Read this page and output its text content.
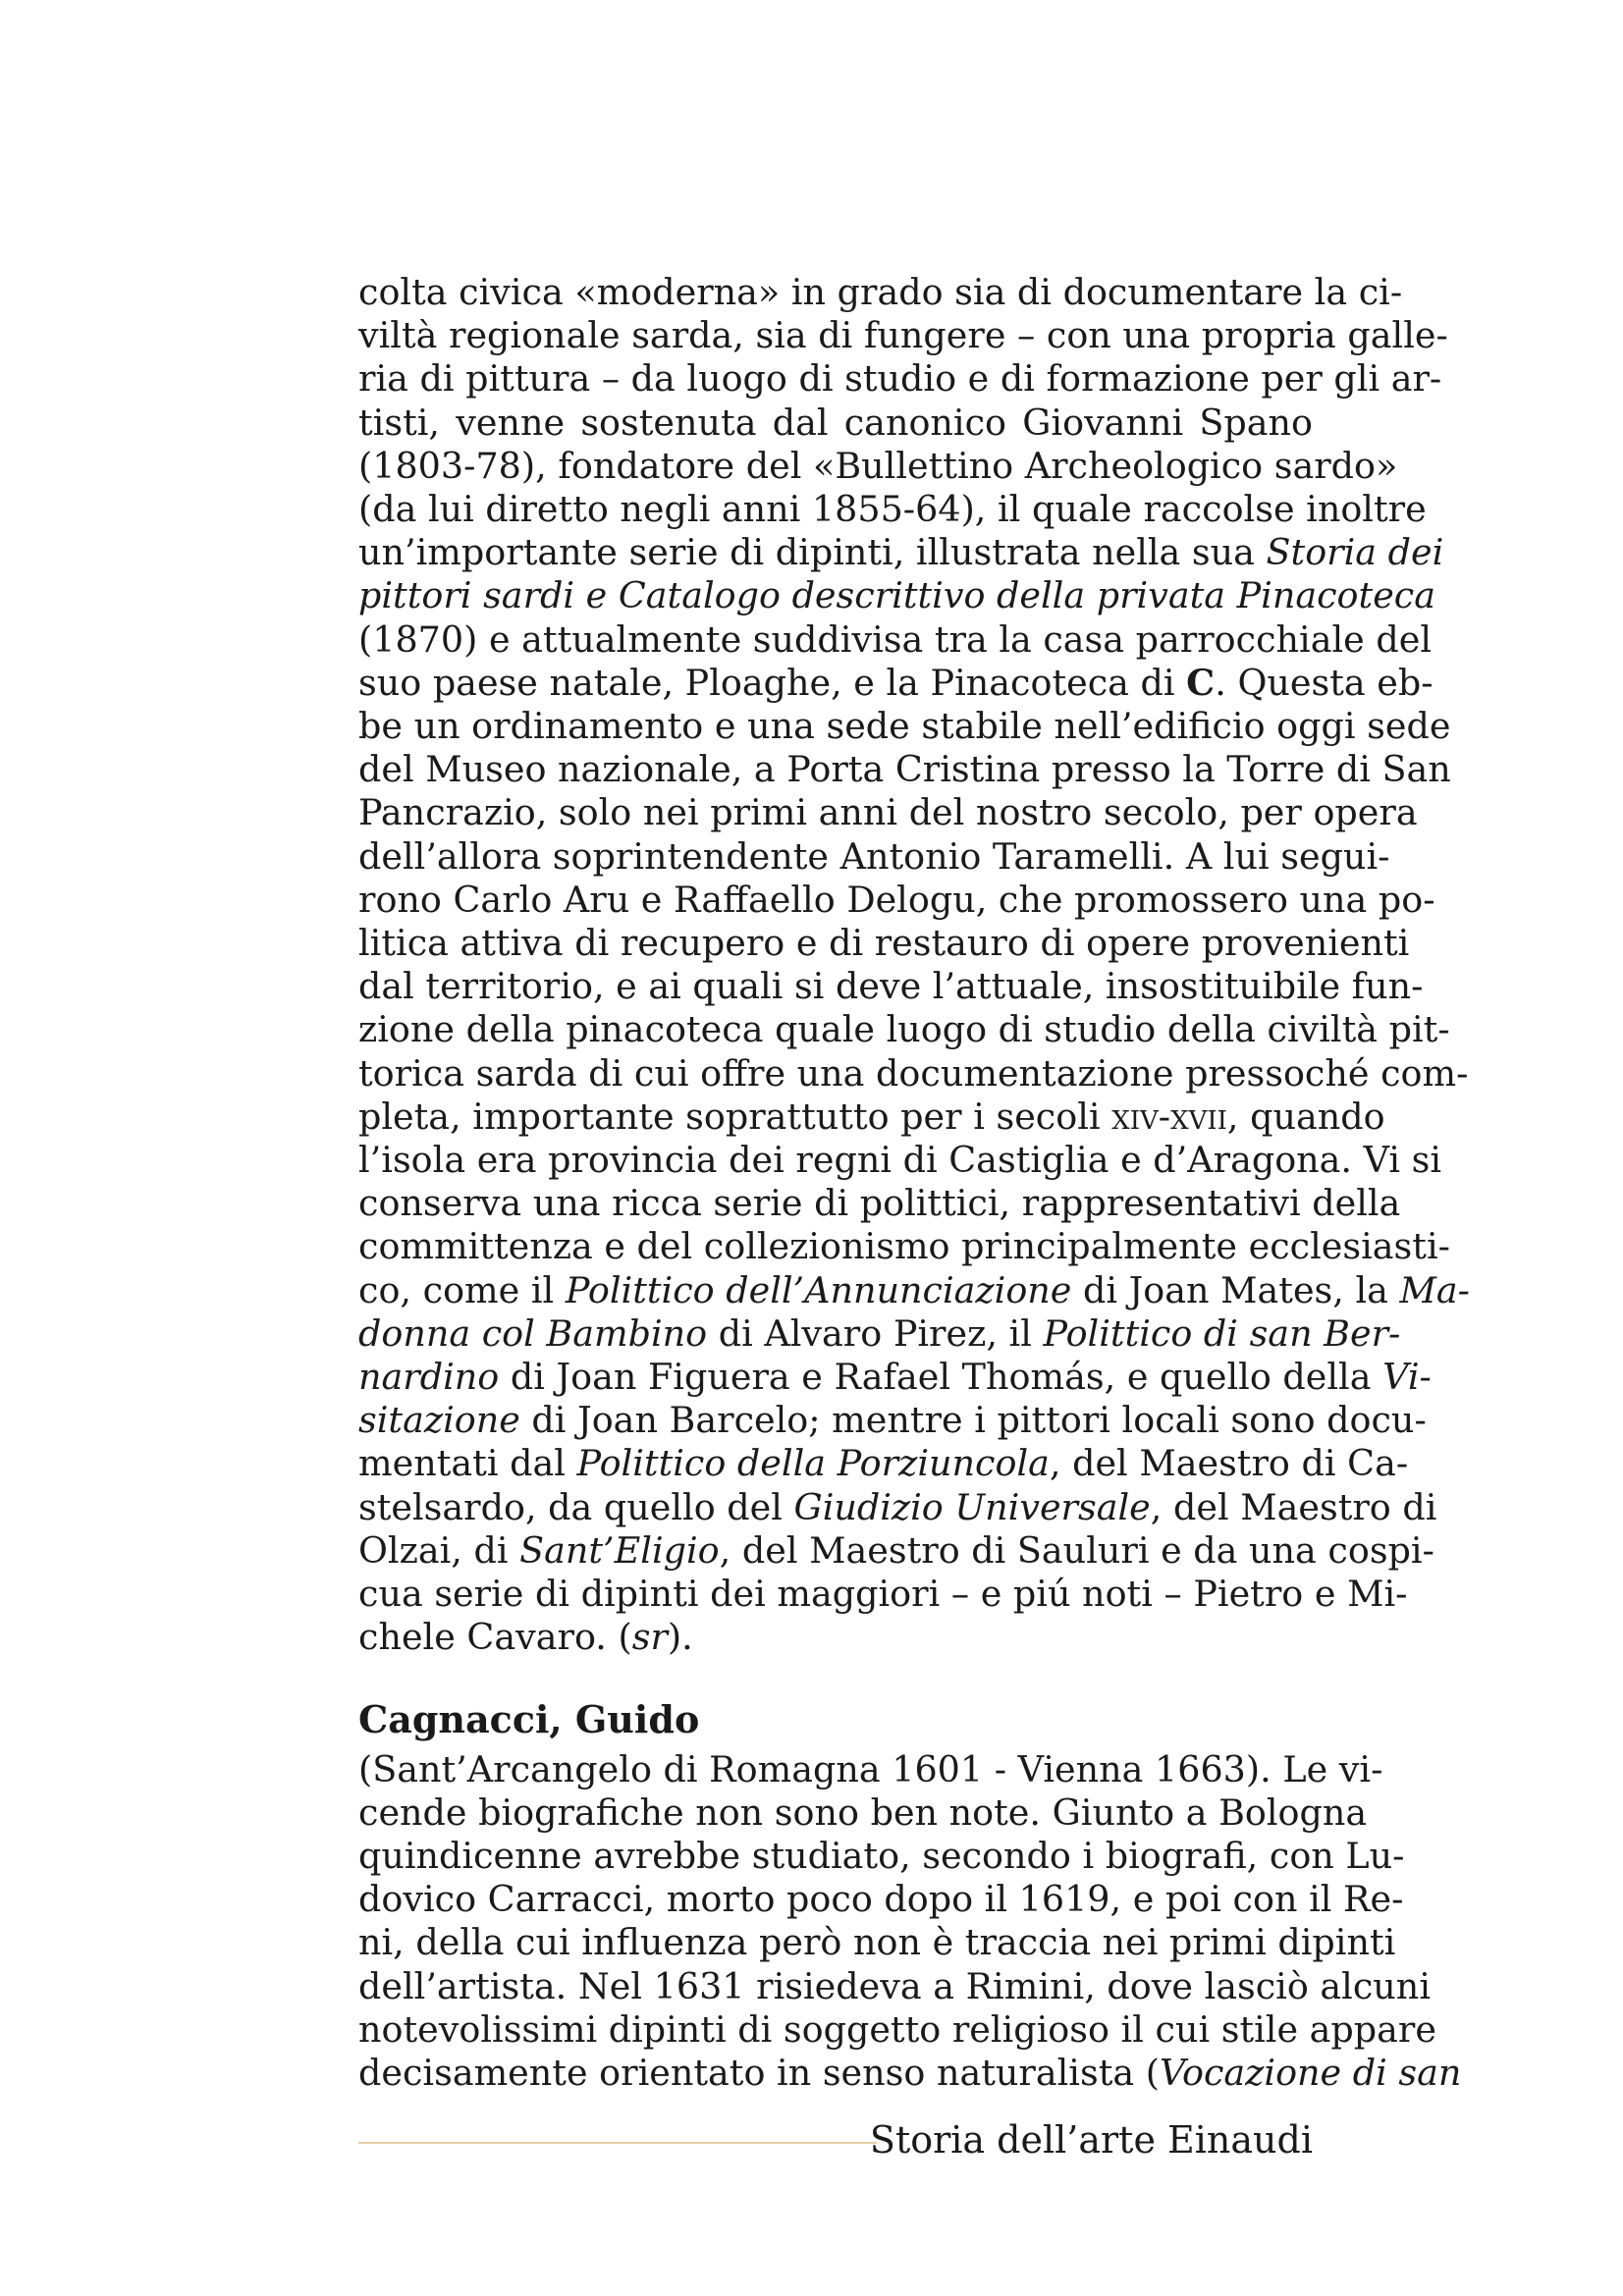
colta civica «moderna» in grado sia di documentare la ci-
viltà regionale sarda, sia di fungere – con una propria galle-
ria di pittura – da luogo di studio e di formazione per gli ar-
tisti, venne sostenuta dal canonico Giovanni Spano
(1803-78), fondatore del «Bullettino Archeologico sardo»
(da lui diretto negli anni 1855-64), il quale raccolse inoltre
un’importante serie di dipinti, illustrata nella sua Storia dei
pittori sardi e Catalogo descrittivo della privata Pinacoteca
(1870) e attualmente suddivisa tra la casa parrocchiale del
suo paese natale, Ploaghe, e la Pinacoteca di C. Questa eb-
be un ordinamento e una sede stabile nell’edificio oggi sede
del Museo nazionale, a Porta Cristina presso la Torre di San
Pancrazio, solo nei primi anni del nostro secolo, per opera
dell’allora soprintendente Antonio Taramelli. A lui segui-
rono Carlo Aru e Raffaello Delogu, che promossero una po-
litica attiva di recupero e di restauro di opere provenienti
dal territorio, e ai quali si deve l’attuale, insostituibile fun-
zione della pinacoteca quale luogo di studio della civiltà pit-
torica sarda di cui offre una documentazione pressoché com-
pleta, importante soprattutto per i secoli xiv-xvii, quando
l’isola era provincia dei regni di Castiglia e d’Aragona. Vi si
conserva una ricca serie di polittici, rappresentativi della
committenza e del collezionismo principalmente ecclesiasti-
co, come il Polittico dell’Annunciazione di Joan Mates, la Ma-
donna col Bambino di Alvaro Pirez, il Polittico di san Ber-
nardino di Joan Figuera e Rafael Thomás, e quello della Vi-
sitazione di Joan Barcelo; mentre i pittori locali sono docu-
mentati dal Polittico della Porziuncola, del Maestro di Ca-
stelsardo, da quello del Giudizio Universale, del Maestro di
Olzai, di Sant’Eligio, del Maestro di Sauluri e da una cospi-
cua serie di dipinti dei maggiori – e piú noti – Pietro e Mi-
chele Cavaro. (sr).
Cagnacci, Guido
(Sant’Arcangelo di Romagna 1601 - Vienna 1663). Le vi-
cende biografiche non sono ben note. Giunto a Bologna
quindicenne avrebbe studiato, secondo i biografi, con Lu-
dovico Carracci, morto poco dopo il 1619, e poi con il Re-
ni, della cui influenza però non è traccia nei primi dipinti
dell’artista. Nel 1631 risiedeva a Rimini, dove lasciò alcuni
notevolissimi dipinti di soggetto religioso il cui stile appare
decisamente orientato in senso naturalista (Vocazione di san
Storia dell’arte Einaudi
